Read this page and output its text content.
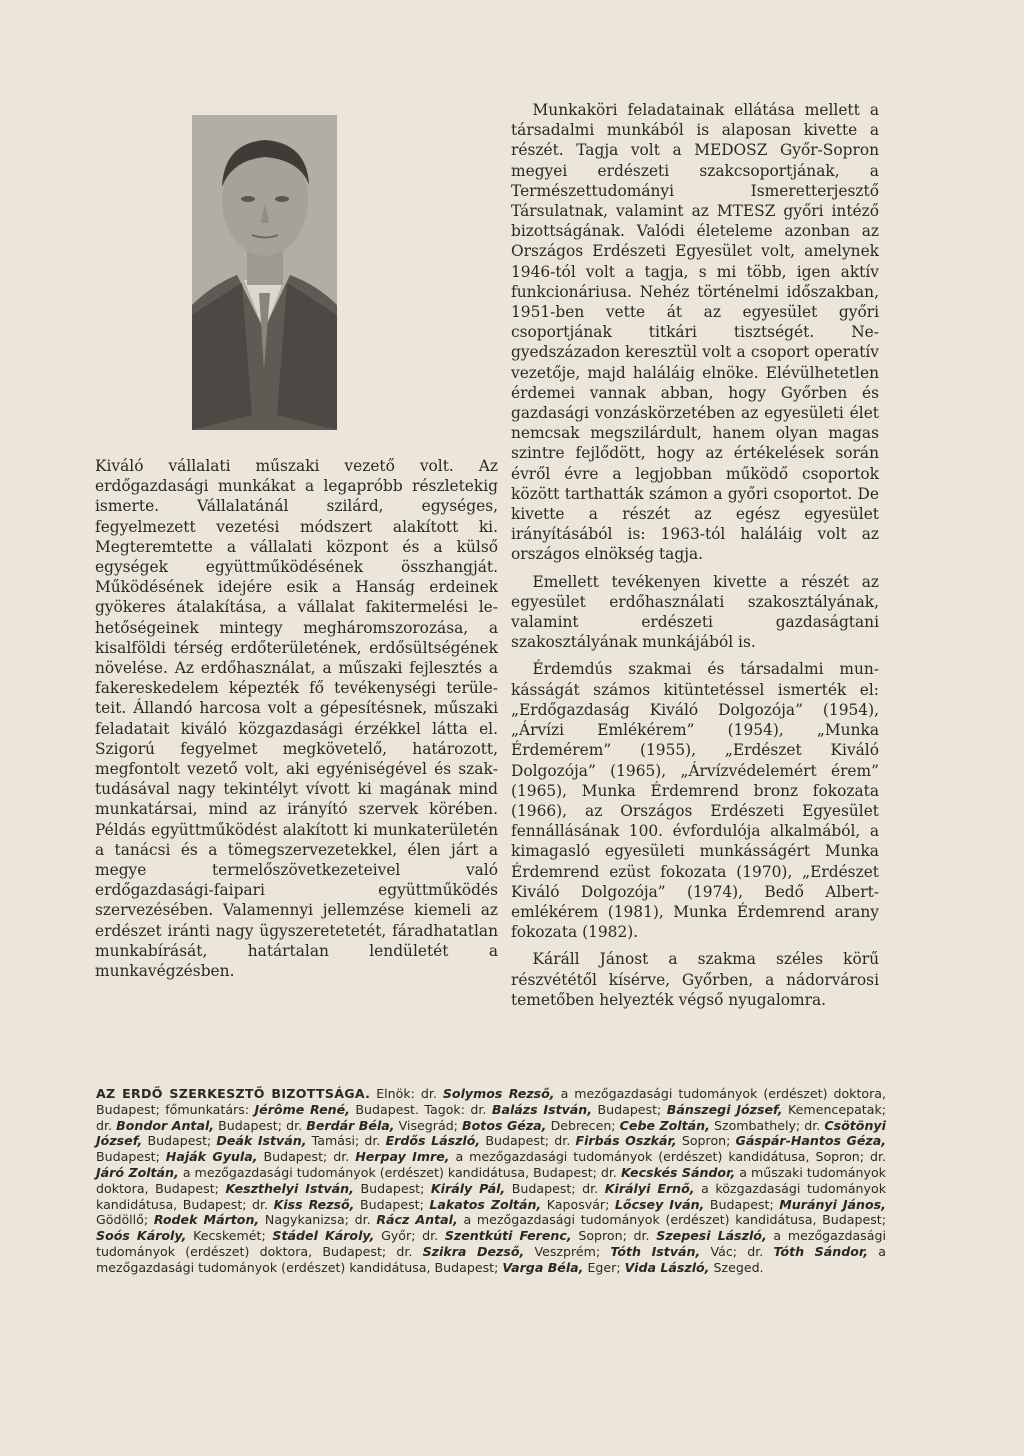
Kiváló vállalati műszaki vezető volt. Az erdőgazdasági munkákat a legapróbb részletekig ismerte. Vállalatánál szilárd, egységes, fegyelmezett vezetési módszert alakított ki. Megteremtette a vállalati központ és a külső egységek együttműködésének összhangját. Működésének idejére esik a Hanság erdeinek gyökeres átalakítása, a vállalat fakitermelési lehetőségeinek mintegy megháromszorozása, a kisalföldi térség erdőterületének, erdősültségének növelése. Az erdőhasználat, a műszaki fejlesztés a fakereskedelem képezték fő tevékenységi területeit. Állandó harcosa volt a gépesítésnek, műszaki feladatait kiváló közgazdasági érzékkel látta el. Szigorú fegyelmet megkövetelő, határozott, megfontolt vezető volt, aki egyéniségével és szaktudásával nagy tekintélyt vívott ki magának mind munkatársai, mind az irányító szervek körében. Példás együttműködést alakított ki munkaterületén a tanácsi és a tömegszervezetekkel, élen járt a megye termelőszövetkezeteivel való erdőgazdasági-faipari együttműködés szervezésében. Valamennyi jellemzése kiemeli az erdészet iránti nagy ügyszeretetetét, fáradhatatlan munkabírását, határtalan lendületét a munkavégzésben.

Munkaköri feladatainak ellátása mellett a társadalmi munkából is alaposan kivette a részét. Tagja volt a MEDOSZ Győr-Sopron megyei erdészeti szakcsoportjának, a Természettudományi Ismeretterjesztő Társulatnak, valamint az MTESZ győri intéző bizottságának. Valódi életeleme azonban az Országos Erdészeti Egyesület volt, amelynek 1946-tól volt a tagja, s mi több, igen aktív funkcionáriusa. Nehéz történelmi időszakban, 1951-ben vette át az egyesület győri csoportjának titkári tisztségét. Negyedszázadon keresztül volt a csoport operatív vezetője, majd haláláig elnöke. Elévülhetetlen érdemei vannak abban, hogy Győrben és gazdasági vonzáskörzetében az egyesületi élet nemcsak megszilárdult, hanem olyan magas szintre fejlődött, hogy az értékelések során évről évre a legjobban működő csoportok között tarthatták számon a győri csoportot. De kivette a részét az egész egyesület irányításából is: 1963-tól haláláig volt az országos elnökség tagja.

Emellett tevékenyen kivette a részét az egyesület erdőhasználati szakosztályának, valamint erdészeti gazdaságtani szakosztályának munkájából is.

Érdemdús szakmai és társadalmi munkásságát számos kitüntetéssel ismerték el: „Erdőgazdaság Kiváló Dolgozója” (1954), „Árvízi Emlékérem” (1954), „Munka Érdemérem” (1955), „Erdészet Kiváló Dolgozója” (1965), „Árvízvédelemért érem” (1965), Munka Érdemrend bronz fokozata (1966), az Országos Erdészeti Egyesület fennállásának 100. évfordulója alkalmából, a kimagasló egyesületi munkásságért Munka Érdemrend ezüst fokozata (1970), „Erdészet Kiváló Dolgozója” (1974), Bedő Albert-emlékérem (1981), Munka Érdemrend arany fokozata (1982).

Káráll Jánost a szakma széles körű részvététől kísérve, Győrben, a nádorvárosi temetőben helyezték végső nyugalomra.

AZ ERDŐ SZERKESZTŐ BIZOTTSÁGA. Elnök: dr. Solymos Rezső, a mezőgazdasági tudományok (erdészet) doktora, Budapest; főmunkatárs: Jérôme René, Budapest. Tagok: dr. Balázs István, Budapest; Bánszegi József, Kemencepatak; dr. Bondor Antal, Budapest; dr. Berdár Béla, Visegrád; Botos Géza, Debrecen; Cebe Zoltán, Szombathely; dr. Csötönyi József, Budapest; Deák István, Tamási; dr. Erdős László, Budapest; dr. Firbás Oszkár, Sopron; Gáspár-Hantos Géza, Budapest; Haják Gyula, Budapest; dr. Herpay Imre, a mezőgazdasági tudományok (erdészet) kandidátusa, Sopron; dr. Járó Zoltán, a mezőgazdasági tudományok (erdészet) kandidátusa, Budapest; dr. Kecskés Sándor, a műszaki tudományok doktora, Budapest; Keszthelyi István, Budapest; Király Pál, Budapest; dr. Királyi Ernő, a közgazdasági tudományok kandidátusa, Budapest; dr. Kiss Rezső, Budapest; Lakatos Zoltán, Kaposvár; Lőcsey Iván, Budapest; Murányi János, Gödöllő; Rodek Márton, Nagykanizsa; dr. Rácz Antal, a mezőgazdasági tudományok (erdészet) kandidátusa, Budapest; Soós Károly, Kecskemét; Stádel Károly, Győr; dr. Szentkúti Ferenc, Sopron; dr. Szepesi László, a mezőgazdasági tudományok (erdészet) doktora, Budapest; dr. Szikra Dezső, Veszprém; Tóth István, Vác; dr. Tóth Sándor, a mezőgazdasági tudományok (erdészet) kandidátusa, Budapest; Varga Béla, Eger; Vida László, Szeged.
